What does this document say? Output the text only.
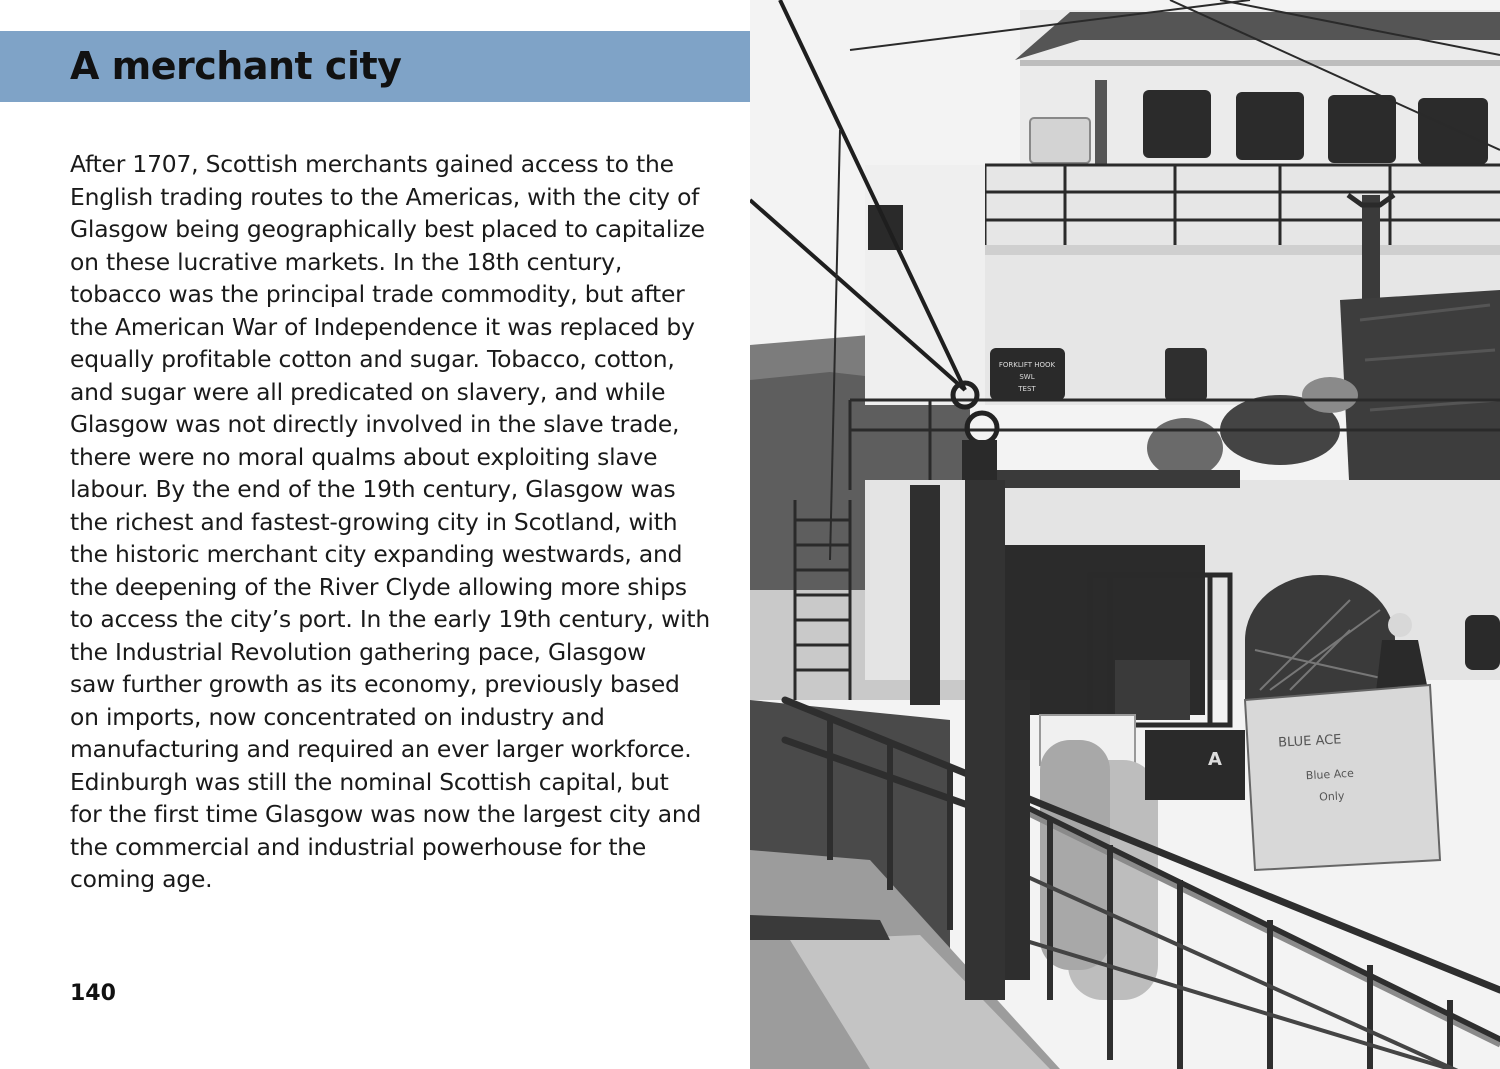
A merchant city

After 1707, Scottish merchants gained access to the
English trading routes to the Americas, with the city of
Glasgow being geographically best placed to capitalize
on these lucrative markets. In the 18th century,
tobacco was the principal trade commodity, but after
the American War of Independence it was replaced by
equally profitable cotton and sugar. Tobacco, cotton,
and sugar were all predicated on slavery, and while
Glasgow was not directly involved in the slave trade,
there were no moral qualms about exploiting slave
labour. By the end of the 19th century, Glasgow was
the richest and fastest-growing city in Scotland, with
the historic merchant city expanding westwards, and
the deepening of the River Clyde allowing more ships
to access the city’s port. In the early 19th century, with
the Industrial Revolution gathering pace, Glasgow
saw further growth as its economy, previously based
on imports, now concentrated on industry and
manufacturing and required an ever larger workforce.
Edinburgh was still the nominal Scottish capital, but
for the first time Glasgow was now the largest city and
the commercial and industrial powerhouse for the
coming age.

140
FORKLIFT HOOK
SWL
TEST
A
BLUE ACE
Blue Ace
Only
